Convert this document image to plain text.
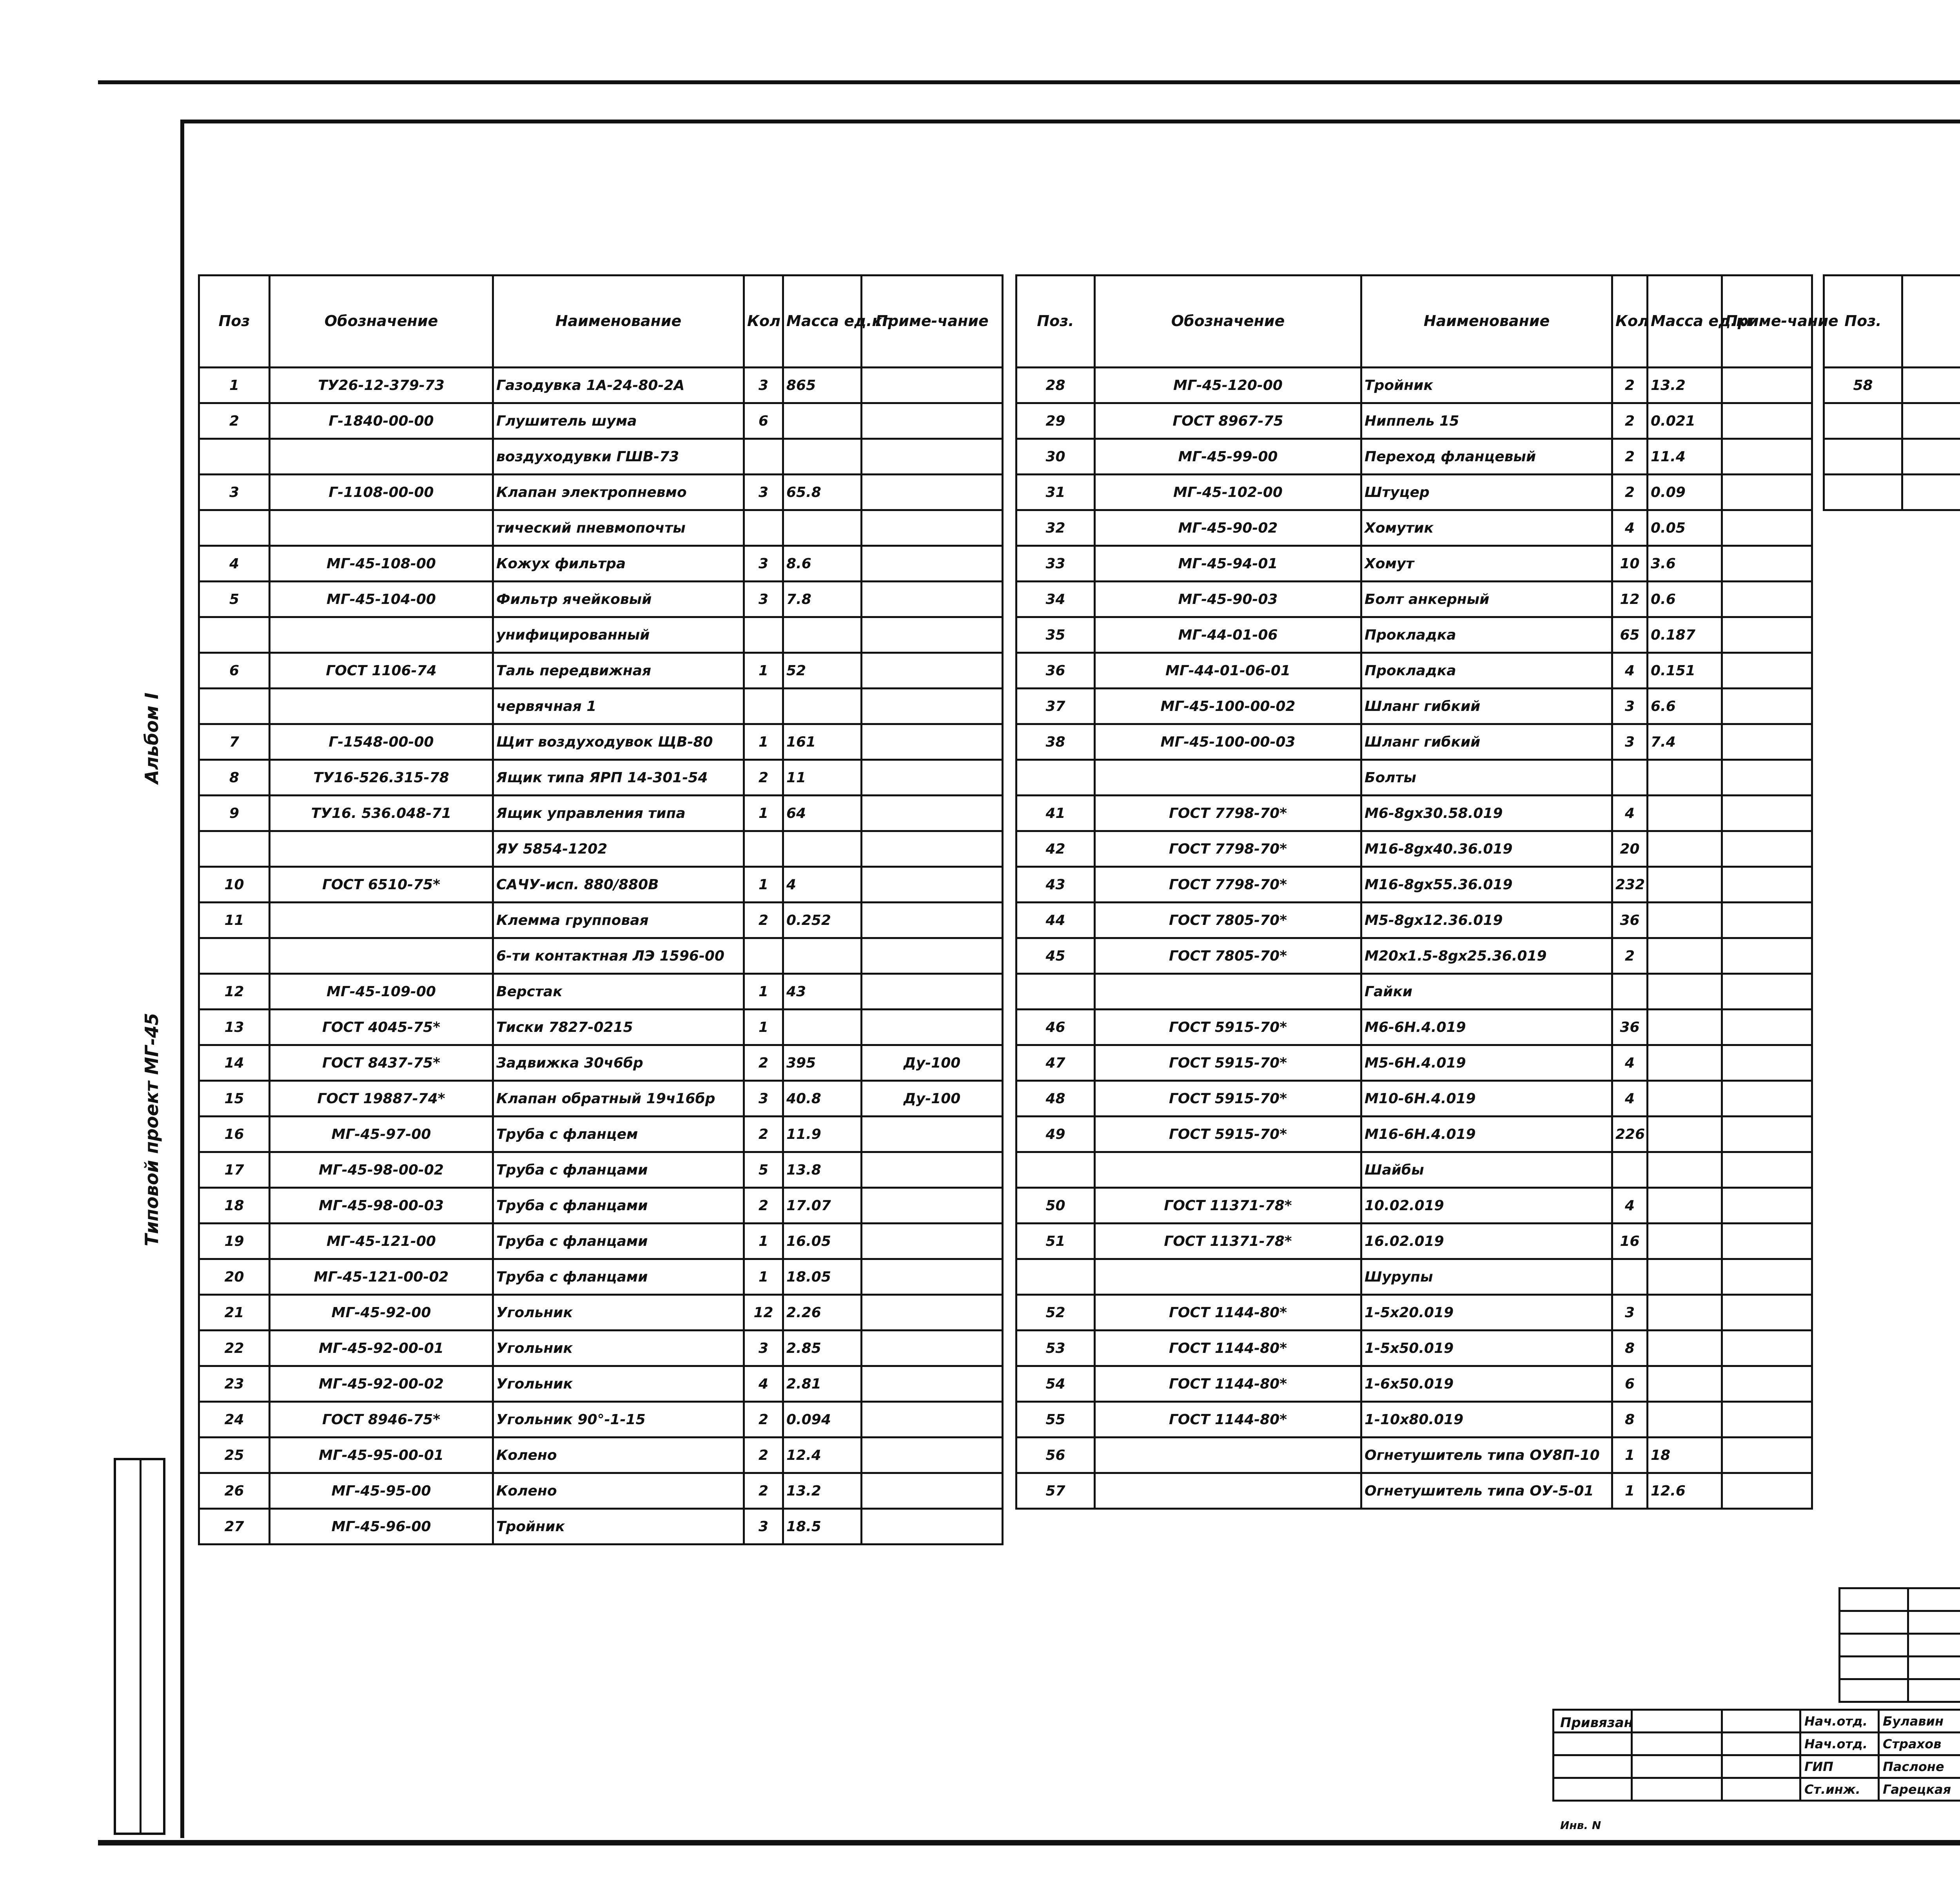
Альбом I
Типовой проект МГ-45
Поз	Обозначение	Наименование	Кол	Масса ед.кг	Приме-чание
1	ТУ26-12-379-73	Газодувка 1А-24-80-2А	3	865	
2	Г-1840-00-00	Глушитель шума	6		
		воздуходувки ГШВ-73			
3	Г-1108-00-00	Клапан электропневмо	3	65.8	
		тический пневмопочты			
4	МГ-45-108-00	Кожух фильтра	3	8.6	
5	МГ-45-104-00	Фильтр ячейковый	3	7.8	
		унифицированный			
6	ГОСТ 1106-74	Таль передвижная	1	52	
		червячная 1			
7	Г-1548-00-00	Щит воздуходувок ЩВ-80	1	161	
8	ТУ16-526.315-78	Ящик типа ЯРП 14-301-54	2	11	
9	ТУ16. 536.048-71	Ящик управления типа	1	64	
		ЯУ 5854-1202			
10	ГОСТ 6510-75*	САЧУ-исп. 880/880В	1	4	
11		Клемма групповая	2	0.252	
		6-ти контактная ЛЭ 1596-00			
12	МГ-45-109-00	Верстак	1	43	
13	ГОСТ 4045-75*	Тиски 7827-0215	1		
14	ГОСТ 8437-75*	Задвижка 30ч6бр	2	395	Ду-100
15	ГОСТ 19887-74*	Клапан обратный 19ч16бр	3	40.8	Ду-100
16	МГ-45-97-00	Труба с фланцем	2	11.9	
17	МГ-45-98-00-02	Труба с фланцами	5	13.8	
18	МГ-45-98-00-03	Труба с фланцами	2	17.07	
19	МГ-45-121-00	Труба с фланцами	1	16.05	
20	МГ-45-121-00-02	Труба с фланцами	1	18.05	
21	МГ-45-92-00	Угольник	12	2.26	
22	МГ-45-92-00-01	Угольник	3	2.85	
23	МГ-45-92-00-02	Угольник	4	2.81	
24	ГОСТ 8946-75*	Угольник 90°-1-15	2	0.094	
25	МГ-45-95-00-01	Колено	2	12.4	
26	МГ-45-95-00	Колено	2	13.2	
27	МГ-45-96-00	Тройник	3	18.5	
Поз.	Обозначение	Наименование	Кол	Масса ед.кг	Приме-чание
28	МГ-45-120-00	Тройник	2	13.2	
29	ГОСТ 8967-75	Ниппель 15	2	0.021	
30	МГ-45-99-00	Переход фланцевый	2	11.4	
31	МГ-45-102-00	Штуцер	2	0.09	
32	МГ-45-90-02	Хомутик	4	0.05	
33	МГ-45-94-01	Хомут	10	3.6	
34	МГ-45-90-03	Болт анкерный	12	0.6	
35	МГ-44-01-06	Прокладка	65	0.187	
36	МГ-44-01-06-01	Прокладка	4	0.151	
37	МГ-45-100-00-02	Шланг гибкий	3	6.6	
38	МГ-45-100-00-03	Шланг гибкий	3	7.4	
		Болты			
41	ГОСТ 7798-70*	М6-8gх30.58.019	4		
42	ГОСТ 7798-70*	М16-8gх40.36.019	20		
43	ГОСТ 7798-70*	М16-8gх55.36.019	232		
44	ГОСТ 7805-70*	М5-8gх12.36.019	36		
45	ГОСТ 7805-70*	М20х1.5-8gх25.36.019	2		
		Гайки			
46	ГОСТ 5915-70*	М6-6Н.4.019	36		
47	ГОСТ 5915-70*	М5-6Н.4.019	4		
48	ГОСТ 5915-70*	М10-6Н.4.019	4		
49	ГОСТ 5915-70*	М16-6Н.4.019	226		
		Шайбы			
50	ГОСТ 11371-78*	10.02.019	4		
51	ГОСТ 11371-78*	16.02.019	16		
		Шурупы			
52	ГОСТ 1144-80*	1-5х20.019	3		
53	ГОСТ 1144-80*	1-5х50.019	8		
54	ГОСТ 1144-80*	1-6х50.019	6		
55	ГОСТ 1144-80*	1-10х80.019	8		
56		Огнетушитель типа ОУ8П-10	1	18	
57		Огнетушитель типа ОУ-5-01	1	12.6	
Поз.					
58					

			Нач.отд.	Булавин		
			Нач.отд.	Страхов		
			ГИП	Паслоне		
			Ст.инж.	Гарецкая		

Привязан
Инв. N
